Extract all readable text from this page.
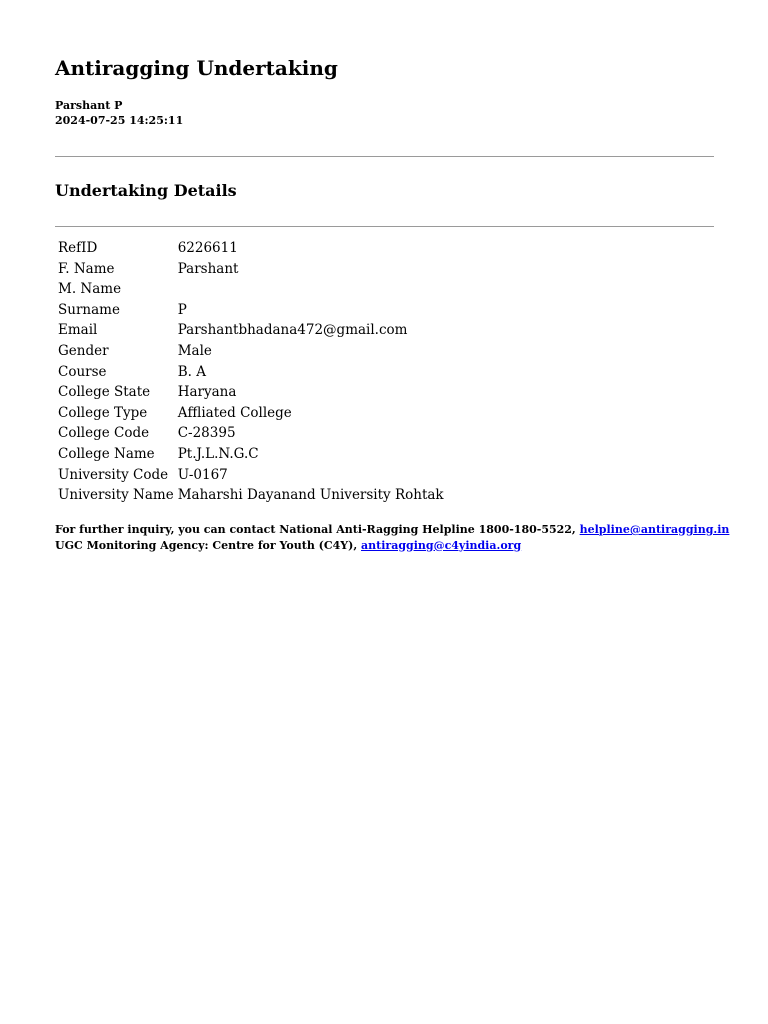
Antiragging Undertaking
Parshant P
2024-07-25 14:25:11
Undertaking Details
RefID	6226611
F. Name	Parshant
M. Name	
Surname	P
Email	Parshantbhadana472@gmail.com
Gender	Male
Course	B. A
College State	Haryana
College Type	Affliated College
College Code	C-28395
College Name	Pt.J.L.N.G.C
University Code	U-0167
University Name	Maharshi Dayanand University Rohtak
For further inquiry, you can contact National Anti-Ragging Helpline 1800-180-5522, helpline@antiragging.in
UGC Monitoring Agency: Centre for Youth (C4Y), antiragging@c4yindia.org
